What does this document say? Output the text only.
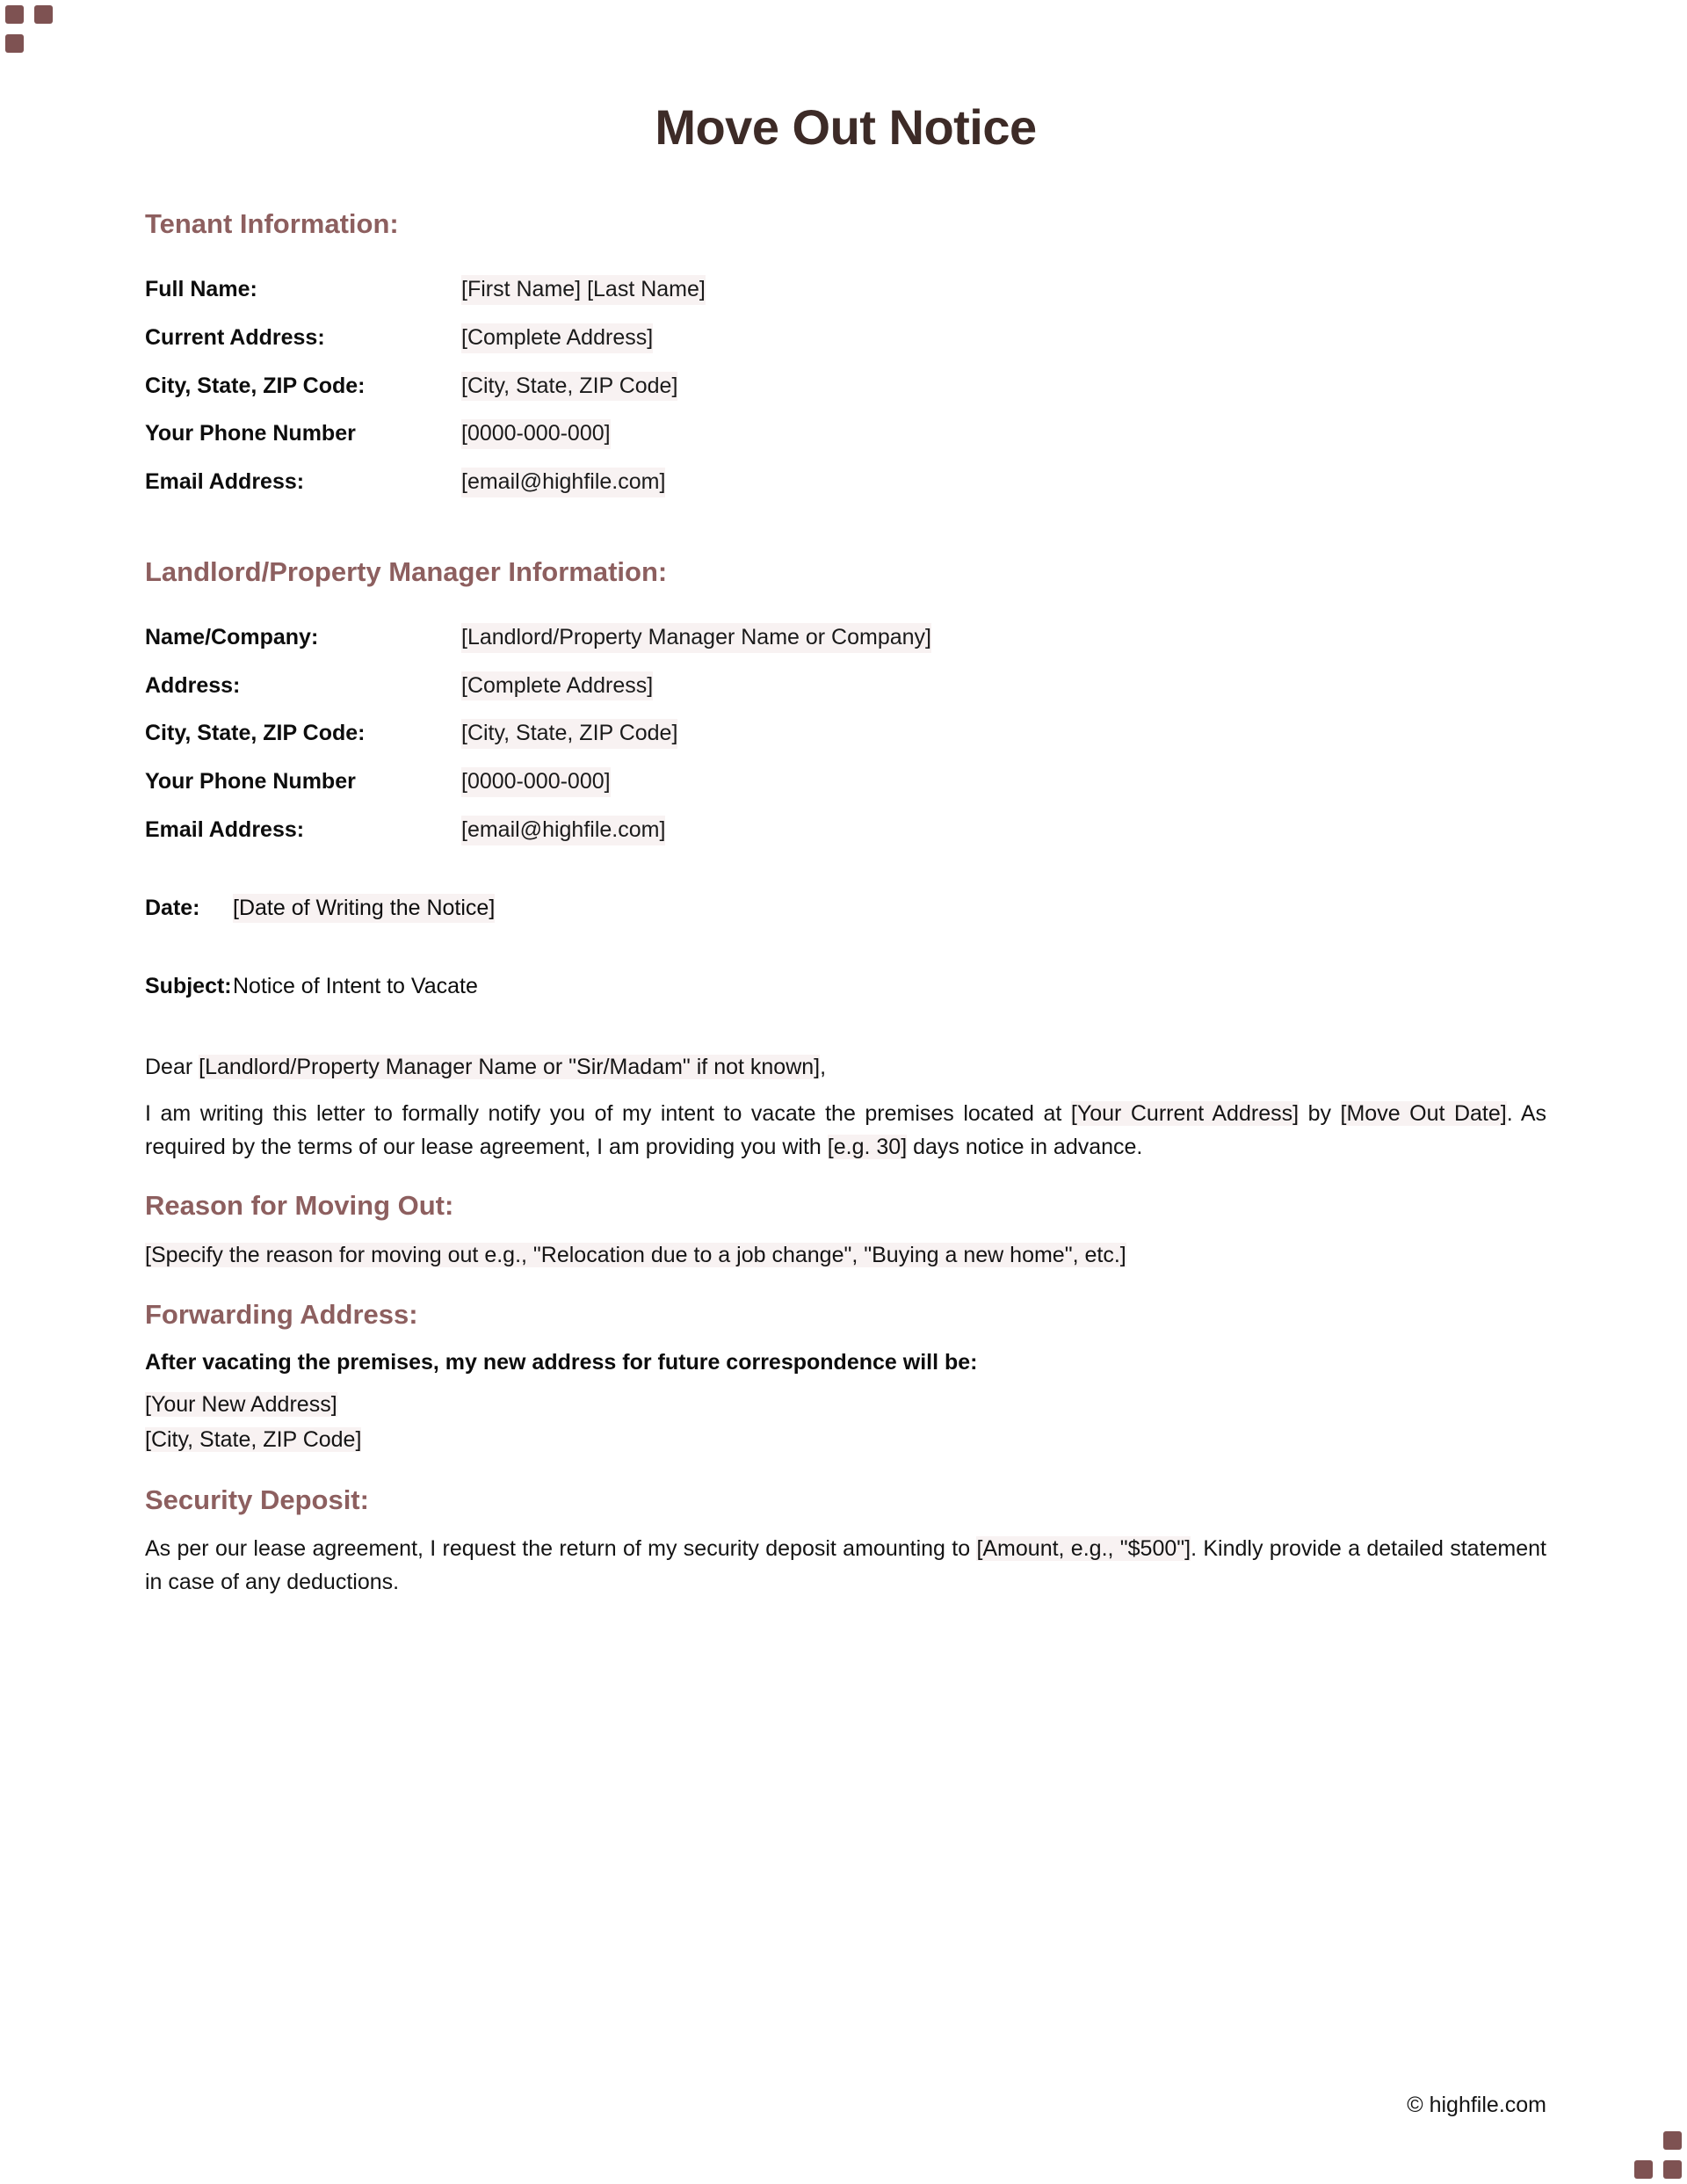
Move Out Notice
Tenant Information:
Full Name:	[First Name] [Last Name]
Current Address:	[Complete Address]
City, State, ZIP Code:	[City, State, ZIP Code]
Your Phone Number	[0000-000-000]
Email Address:	[email@highfile.com]
Landlord/Property Manager Information:
Name/Company:	[Landlord/Property Manager Name or Company]
Address:	[Complete Address]
City, State, ZIP Code:	[City, State, ZIP Code]
Your Phone Number	[0000-000-000]
Email Address:	[email@highfile.com]
Date:	[Date of Writing the Notice]
Subject: Notice of Intent to Vacate

Dear [Landlord/Property Manager Name or "Sir/Madam" if not known],

I am writing this letter to formally notify you of my intent to vacate the premises located at [Your Current Address] by [Move Out Date]. As required by the terms of our lease agreement, I am providing you with [e.g. 30] days notice in advance.

Reason for Moving Out:

[Specify the reason for moving out e.g., "Relocation due to a job change", "Buying a new home", etc.]

Forwarding Address:

After vacating the premises, my new address for future correspondence will be:

[Your New Address]

[City, State, ZIP Code]

Security Deposit:

As per our lease agreement, I request the return of my security deposit amounting to [Amount, e.g., "$500"]. Kindly provide a detailed statement in case of any deductions.

© highfile.com
